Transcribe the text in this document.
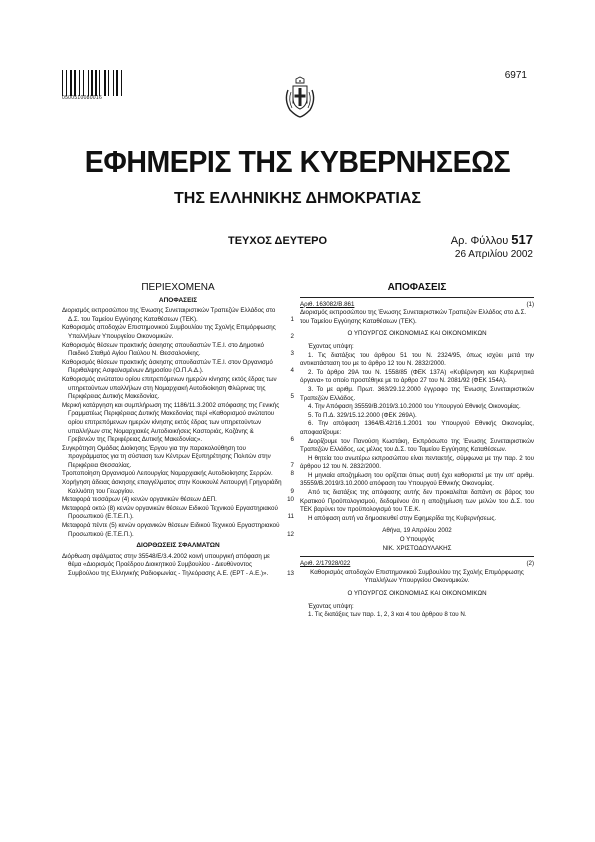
0500510080016
6971
ΕΦΗΜΕΡΙΣ ΤΗΣ ΚΥΒΕΡΝΗΣΕΩΣ
ΤΗΣ ΕΛΛΗΝΙΚΗΣ ΔΗΜΟΚΡΑΤΙΑΣ
ΤΕΥΧΟΣ ΔΕΥΤΕΡΟ	Αρ. Φύλλου 517
26 Απριλίου 2002
ΠΕΡΙΕΧΟΜΕΝΑ
ΑΠΟΦΑΣΕΙΣ
Διορισμός εκπροσώπου της Ένωσης Συνεταιριστικών Τραπεζών Ελλάδος στο Δ.Σ. του Ταμείου Εγγύησης Καταθέσεων (ΤΕΚ).	1
Καθορισμός αποδοχών Επιστημονικού Συμβουλίου της Σχολής Επιμόρφωσης Υπαλλήλων Υπουργείου Οικονομικών.	2
Καθορισμός θέσεων πρακτικής άσκησης σπουδαστών Τ.Ε.Ι. στο Δημοτικό Παιδικό Σταθμό Αγίου Παύλου Ν. Θεσσαλονίκης.	3
Καθορισμός θέσεων πρακτικής άσκησης σπουδαστών Τ.Ε.Ι. στον Οργανισμό Περιθαλψης Ασφαλισμένων Δημοσίου (Ο.Π.Α.Δ.).	4
Καθορισμός ανώτατου ορίου επιτρεπόμενων ημερών κίνησης εκτός έδρας των υπηρετούντων υπαλλήλων στη Νομαρχιακή Αυτοδιοίκηση Φλώρινας της Περιφέρειας Δυτικής Μακεδονίας.	5
Μερική κατάργηση και συμπλήρωση της 1186/11.3.2002 απόφασης της Γενικής Γραμματέως Περιφέρειας Δυτικής Μακεδονίας περί «Καθορισμού ανώτατου ορίου επιτρεπόμενων ημερών κίνησης εκτός έδρας των υπηρετούντων υπαλλήλων στις Νομαρχιακές Αυτοδιοικήσεις Καστοριάς, Κοζάνης & Γρεβενών της Περιφέρειας Δυτικής Μακεδονίας».	6
Συγκρότηση Ομάδας Διοίκησης Έργου για την παρακολούθηση του προγράμματος για τη σύσταση των Κέντρων Εξυπηρέτησης Πολιτών στην Περιφέρεια Θεσσαλίας.	7
Τροποποίηση Οργανισμού Λειτουργίας Νομαρχιακής Αυτοδιοίκησης Σερρών.	8
Χορήγηση άδειας άσκησης επαγγέλματος στην Κουκουλέ Λειτουργή Γρηγοριάδη Καλλιόπη του Γεωργίου.	9
Μεταφορά τεσσάρων (4) κενών οργανικών θέσεων ΔΕΠ.	10
Μεταφορά οκτώ (8) κενών οργανικών θέσεων Ειδικού Τεχνικού Εργαστηριακού Προσωπικού (Ε.Τ.Ε.Π.).	11
Μεταφορά πέντε (5) κενών οργανικών θέσεων Ειδικού Τεχνικού Εργαστηριακού Προσωπικού (Ε.Τ.Ε.Π.).	12
ΔΙΟΡΘΩΣΕΙΣ ΣΦΑΛΜΑΤΩΝ
Διόρθωση σφάλματος στην 35548/Ε/3.4.2002 κοινή υπουργική απόφαση με θέμα «Διορισμός Προέδρου Διοικητικού Συμβουλίου - Διευθύνοντος Συμβούλου της Ελληνικής Ραδιοφωνίας - Τηλεόρασης Α.Ε. (ΕΡΤ - Α.Ε.)».	13
ΑΠΟΦΑΣΕΙΣ
Αριθ. 163082/Β.861	(1)
Διορισμός εκπροσώπου της Ένωσης Συνεταιριστικών Τραπεζών Ελλάδος στο Δ.Σ. του Ταμείου Εγγύησης Καταθέσεων (ΤΕΚ).
Ο ΥΠΟΥΡΓΟΣ ΟΙΚΟΝΟΜΙΑΣ ΚΑΙ ΟΙΚΟΝΟΜΙΚΩΝ
Έχοντας υπόψη:
1. Τις διατάξεις του άρθρου 51 του Ν. 2324/95, όπως ισχύει μετά την αντικατάσταση του με το άρθρο 12 του Ν. 2832/2000.
2. Το άρθρο 29Α του Ν. 1558/85 (ΦΕΚ 137Α) «Κυβέρνηση και Κυβερνητικά όργανα» το οποίο προστέθηκε με το άρθρο 27 του Ν. 2081/92 (ΦΕΚ 154Α).
3. Το με αριθμ. Πρωτ. 363/29.12.2000 έγγραφο της Ένωσης Συνεταιριστικών Τραπεζών Ελλάδος.
4. Την Απόφαση 35559/Β.2019/3.10.2000 του Υπουργού Εθνικής Οικονομίας.
5. Το Π.Δ. 329/15.12.2000 (ΦΕΚ 269Α).
6. Την απόφαση 1364/Β.42/16.1.2001 του Υπουργού Εθνικής Οικονομίας, αποφασίζουμε:
Διορίζουμε τον Πανούση Κωστάκη, Εκπρόσωπο της Ένωσης Συνεταιριστικών Τραπεζών Ελλάδος, ως μέλος του Δ.Σ. του Ταμείου Εγγύησης Καταθέσεων.
Η θητεία του ανωτέρω εκπροσώπου είναι πενταετής, σύμφωνα με την παρ. 2 του άρθρου 12 του Ν. 2832/2000.
Η μηνιαία αποζημίωση του ορίζεται όπως αυτή έχει καθοριστεί με την υπ' αριθμ. 35559/Β.2019/3.10.2000 απόφαση του Υπουργού Εθνικής Οικονομίας.
Από τις διατάξεις της απόφασης αυτής δεν προκαλείται δαπάνη σε βάρος του Κρατικού Προϋπολογισμού, δεδομένου ότι η αποζημίωση των μελών του Δ.Σ. του ΤΕΚ βαρύνει τον προϋπολογισμό του Τ.Ε.Κ.
Η απόφαση αυτή να δημοσιευθεί στην Εφημερίδα της Κυβερνήσεως.
Αθήνα, 19 Απριλίου 2002
Ο Υπουργός
ΝΙΚ. ΧΡΙΣΤΟΔΟΥΛΑΚΗΣ
Αριθ. 2/17928/022	(2)
Καθορισμός αποδοχών Επιστημονικού Συμβουλίου της Σχολής Επιμόρφωσης Υπαλλήλων Υπουργείου Οικονομικών.
Ο ΥΠΟΥΡΓΟΣ ΟΙΚΟΝΟΜΙΑΣ ΚΑΙ ΟΙΚΟΝΟΜΙΚΩΝ
Έχοντας υπόψη:
1. Τις διατάξεις των παρ. 1, 2, 3 και 4 του άρθρου 8 του Ν.
